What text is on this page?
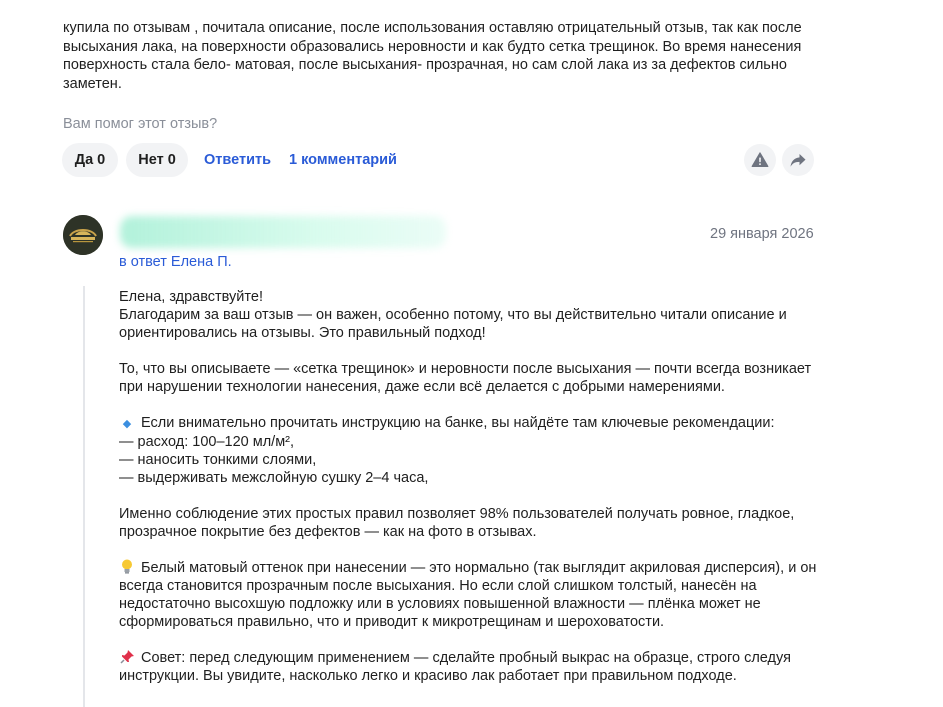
купила по отзывам , почитала описание, после использования оставляю отрицательный отзыв, так как после высыхания лака, на поверхности образовались неровности и как будто сетка трещинок. Во время нанесения поверхность стала бело- матовая, после высыхания- прозрачная, но сам слой лака из за дефектов сильно заметен.

Вам помог этот отзыв?
Да 0	Нет 0	Ответить 1 комментарий
29 января 2026
в ответ Елена П.

Елена, здравствуйте!
Благодарим за ваш отзыв — он важен, особенно потому, что вы действительно читали описание и ориентировались на отзывы. Это правильный подход!

То, что вы описываете — «сетка трещинок» и неровности после высыхания — почти всегда возникает при нарушении технологии нанесения, даже если всё делается с добрыми намерениями.

◆ Если внимательно прочитать инструкцию на банке, вы найдёте там ключевые рекомендации:
— расход: 100–120 мл/м²,
— наносить тонкими слоями,
— выдерживать межслойную сушку 2–4 часа,

Именно соблюдение этих простых правил позволяет 98% пользователей получать ровное, гладкое, прозрачное покрытие без дефектов — как на фото в отзывах.

Белый матовый оттенок при нанесении — это нормально (так выглядит акриловая дисперсия), и он всегда становится прозрачным после высыхания. Но если слой слишком толстый, нанесён на недостаточно высохшую подложку или в условиях повышенной влажности — плёнка может не сформироваться правильно, что и приводит к микротрещинам и шероховатости.

Совет: перед следующим применением — сделайте пробный выкрас на образце, строго следуя инструкции. Вы увидите, насколько легко и красиво лак работает при правильном подходе.
